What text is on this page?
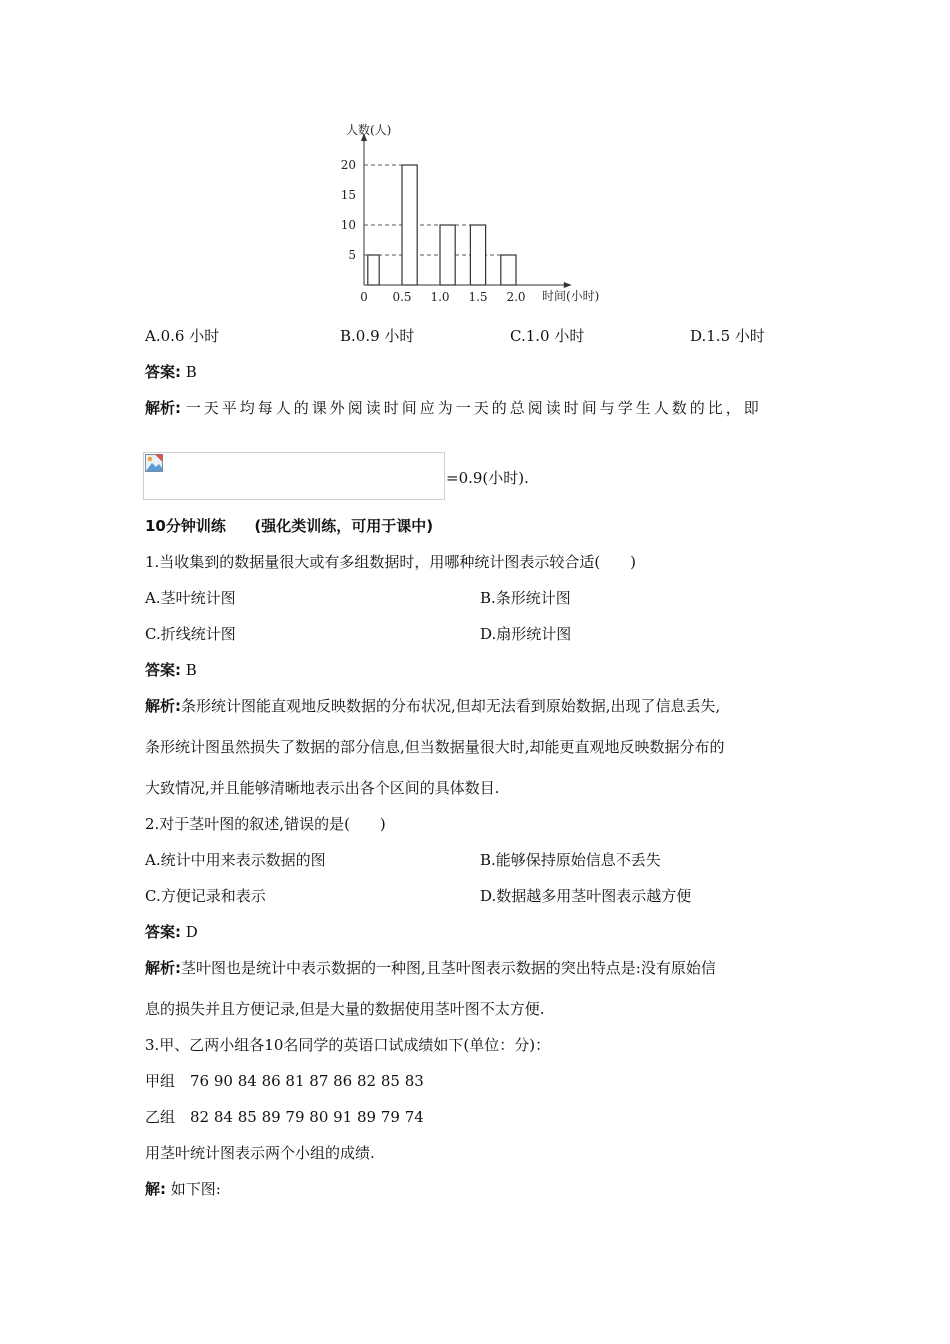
5
10
15
20
0 0.5 1.0 1.5 2.0
人数(人)
时间(小时)
A.0.6 小时	B.0.9 小时	C.1.0 小时	D.1.5 小时
答案: B
解析: 一天平均每人的课外阅读时间应为一天的总阅读时间与学生人数的比，即
=0.9(小时).
10分钟训练 (强化类训练，可用于课中)
1.当收集到的数据量很大或有多组数据时，用哪种统计图表示较合适(　　)
A.茎叶统计图	B.条形统计图
C.折线统计图	D.扇形统计图
答案: B
解析:条形统计图能直观地反映数据的分布状况,但却无法看到原始数据,出现了信息丢失,
条形统计图虽然损失了数据的部分信息,但当数据量很大时,却能更直观地反映数据分布的
大致情况,并且能够清晰地表示出各个区间的具体数目.
2.对于茎叶图的叙述,错误的是(　　)
A.统计中用来表示数据的图	B.能够保持原始信息不丢失
C.方便记录和表示	D.数据越多用茎叶图表示越方便
答案: D
解析:茎叶图也是统计中表示数据的一种图,且茎叶图表示数据的突出特点是:没有原始信
息的损失并且方便记录,但是大量的数据使用茎叶图不太方便.
3.甲、乙两小组各10名同学的英语口试成绩如下(单位：分)：
甲组　76 90 84 86 81 87 86 82 85 83
乙组　82 84 85 89 79 80 91 89 79 74
用茎叶统计图表示两个小组的成绩.
解: 如下图:
